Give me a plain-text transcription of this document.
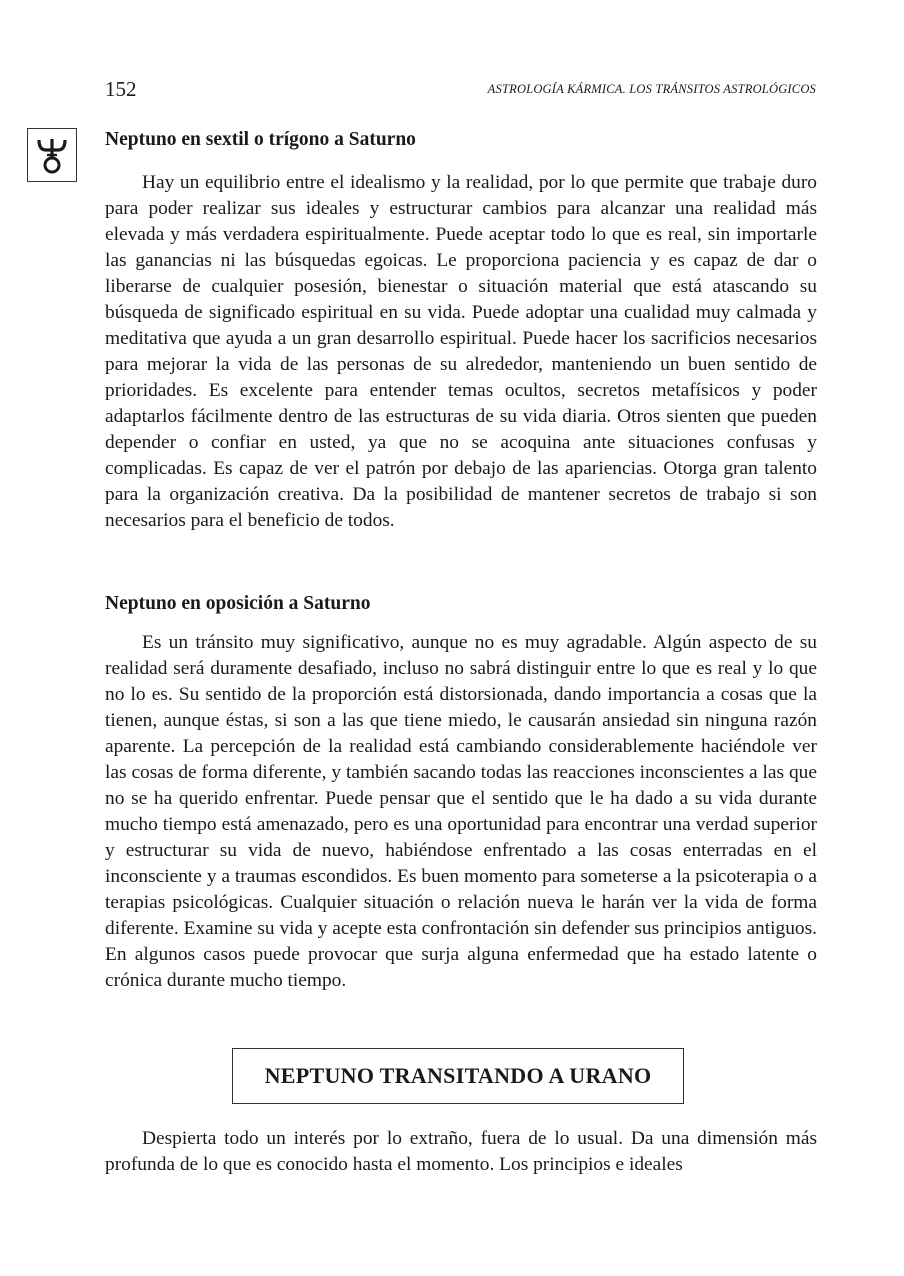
152	ASTROLOGÍA KÁRMICA. LOS TRÁNSITOS ASTROLÓGICOS
Neptuno en sextil o trígono a Saturno

Hay un equilibrio entre el idealismo y la realidad, por lo que permite que trabaje duro para poder realizar sus ideales y estructurar cambios para alcanzar una realidad más elevada y más verdadera espiritualmente. Puede aceptar todo lo que es real, sin importarle las ganancias ni las búsquedas egoicas. Le proporciona paciencia y es capaz de dar o liberarse de cualquier posesión, bienestar o situación material que está atascando su búsqueda de significado espiritual en su vida. Puede adoptar una cualidad muy calmada y meditativa que ayuda a un gran desarrollo espiritual. Puede hacer los sacrificios necesarios para mejorar la vida de las personas de su alrededor, manteniendo un buen sentido de prioridades. Es excelente para entender temas ocultos, secretos metafísicos y poder adaptarlos fácilmente dentro de las estructuras de su vida diaria. Otros sienten que pueden depender o confiar en usted, ya que no se acoquina ante situaciones confusas y complicadas. Es capaz de ver el patrón por debajo de las apariencias. Otorga gran talento para la organización creativa. Da la posibilidad de mantener secretos de trabajo si son necesarios para el beneficio de todos.

Neptuno en oposición a Saturno

Es un tránsito muy significativo, aunque no es muy agradable. Algún aspecto de su realidad será duramente desafiado, incluso no sabrá distinguir entre lo que es real y lo que no lo es. Su sentido de la proporción está distorsionada, dando importancia a cosas que la tienen, aunque éstas, si son a las que tiene miedo, le causarán ansiedad sin ninguna razón aparente. La percepción de la realidad está cambiando considerablemente haciéndole ver las cosas de forma diferente, y también sacando todas las reacciones inconscientes a las que no se ha querido enfrentar. Puede pensar que el sentido que le ha dado a su vida durante mucho tiempo está amenazado, pero es una oportunidad para encontrar una verdad superior y estructurar su vida de nuevo, habiéndose enfrentado a las cosas enterradas en el inconsciente y a traumas escondidos. Es buen momento para someterse a la psicoterapia o a terapias psicológicas. Cualquier situación o relación nueva le harán ver la vida de forma diferente. Examine su vida y acepte esta confrontación sin defender sus principios antiguos. En algunos casos puede provocar que surja alguna enfermedad que ha estado latente o crónica durante mucho tiempo.

NEPTUNO TRANSITANDO A URANO

Despierta todo un interés por lo extraño, fuera de lo usual. Da una dimensión más profunda de lo que es conocido hasta el momento. Los principios e ideales
